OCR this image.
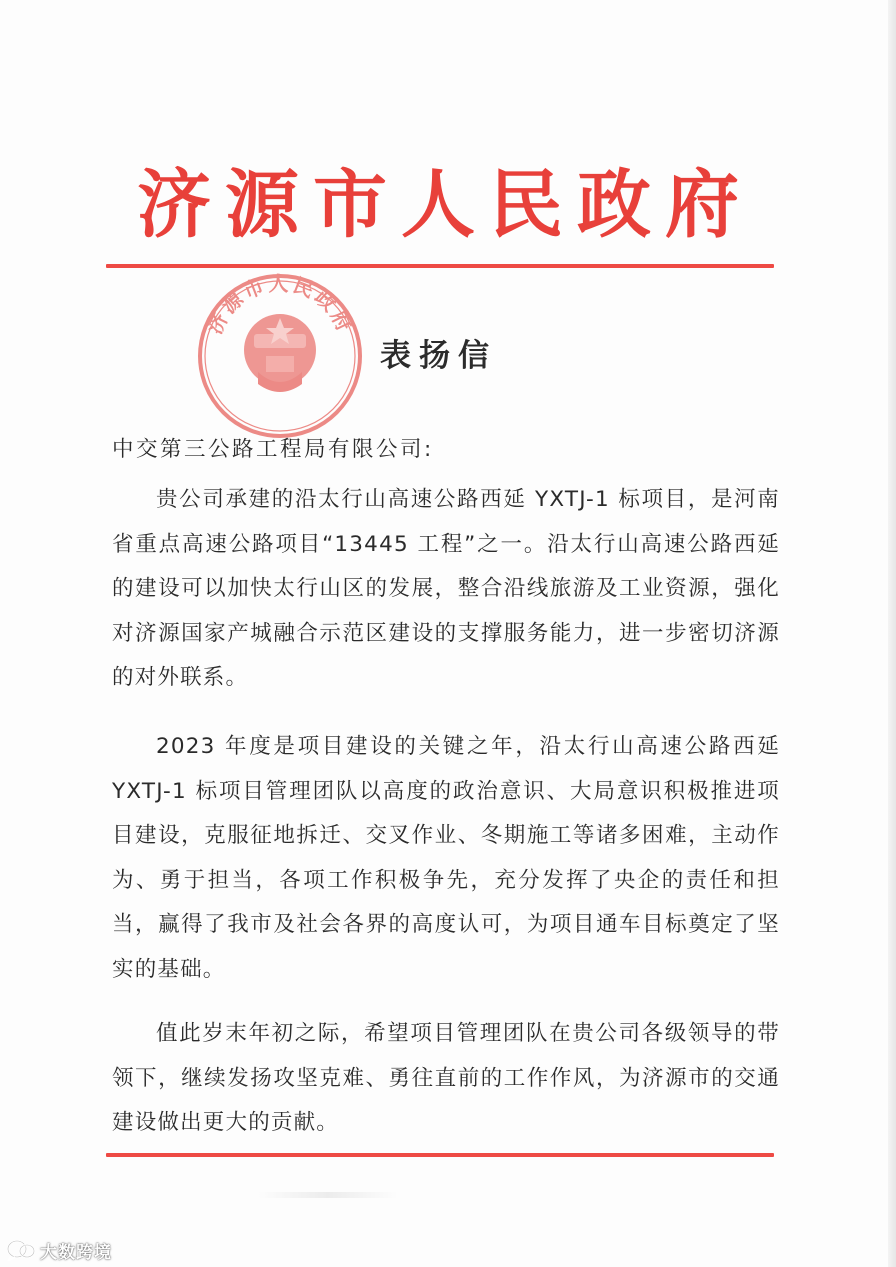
济源市人民政府
济源市人民政府
表扬信
中交第三公路工程局有限公司:

贵公司承建的沿太行山高速公路西延 YXTJ-1 标项目，是河南省重点高速公路项目“13445 工程”之一。沿太行山高速公路西延的建设可以加快太行山区的发展，整合沿线旅游及工业资源，强化对济源国家产城融合示范区建设的支撑服务能力，进一步密切济源的对外联系。

2023 年度是项目建设的关键之年，沿太行山高速公路西延 YXTJ-1 标项目管理团队以高度的政治意识、大局意识积极推进项目建设，克服征地拆迁、交叉作业、冬期施工等诸多困难，主动作为、勇于担当，各项工作积极争先，充分发挥了央企的责任和担当，赢得了我市及社会各界的高度认可，为项目通车目标奠定了坚实的基础。

值此岁末年初之际，希望项目管理团队在贵公司各级领导的带领下，继续发扬攻坚克难、勇往直前的工作作风，为济源市的交通建设做出更大的贡献。

大数跨境
